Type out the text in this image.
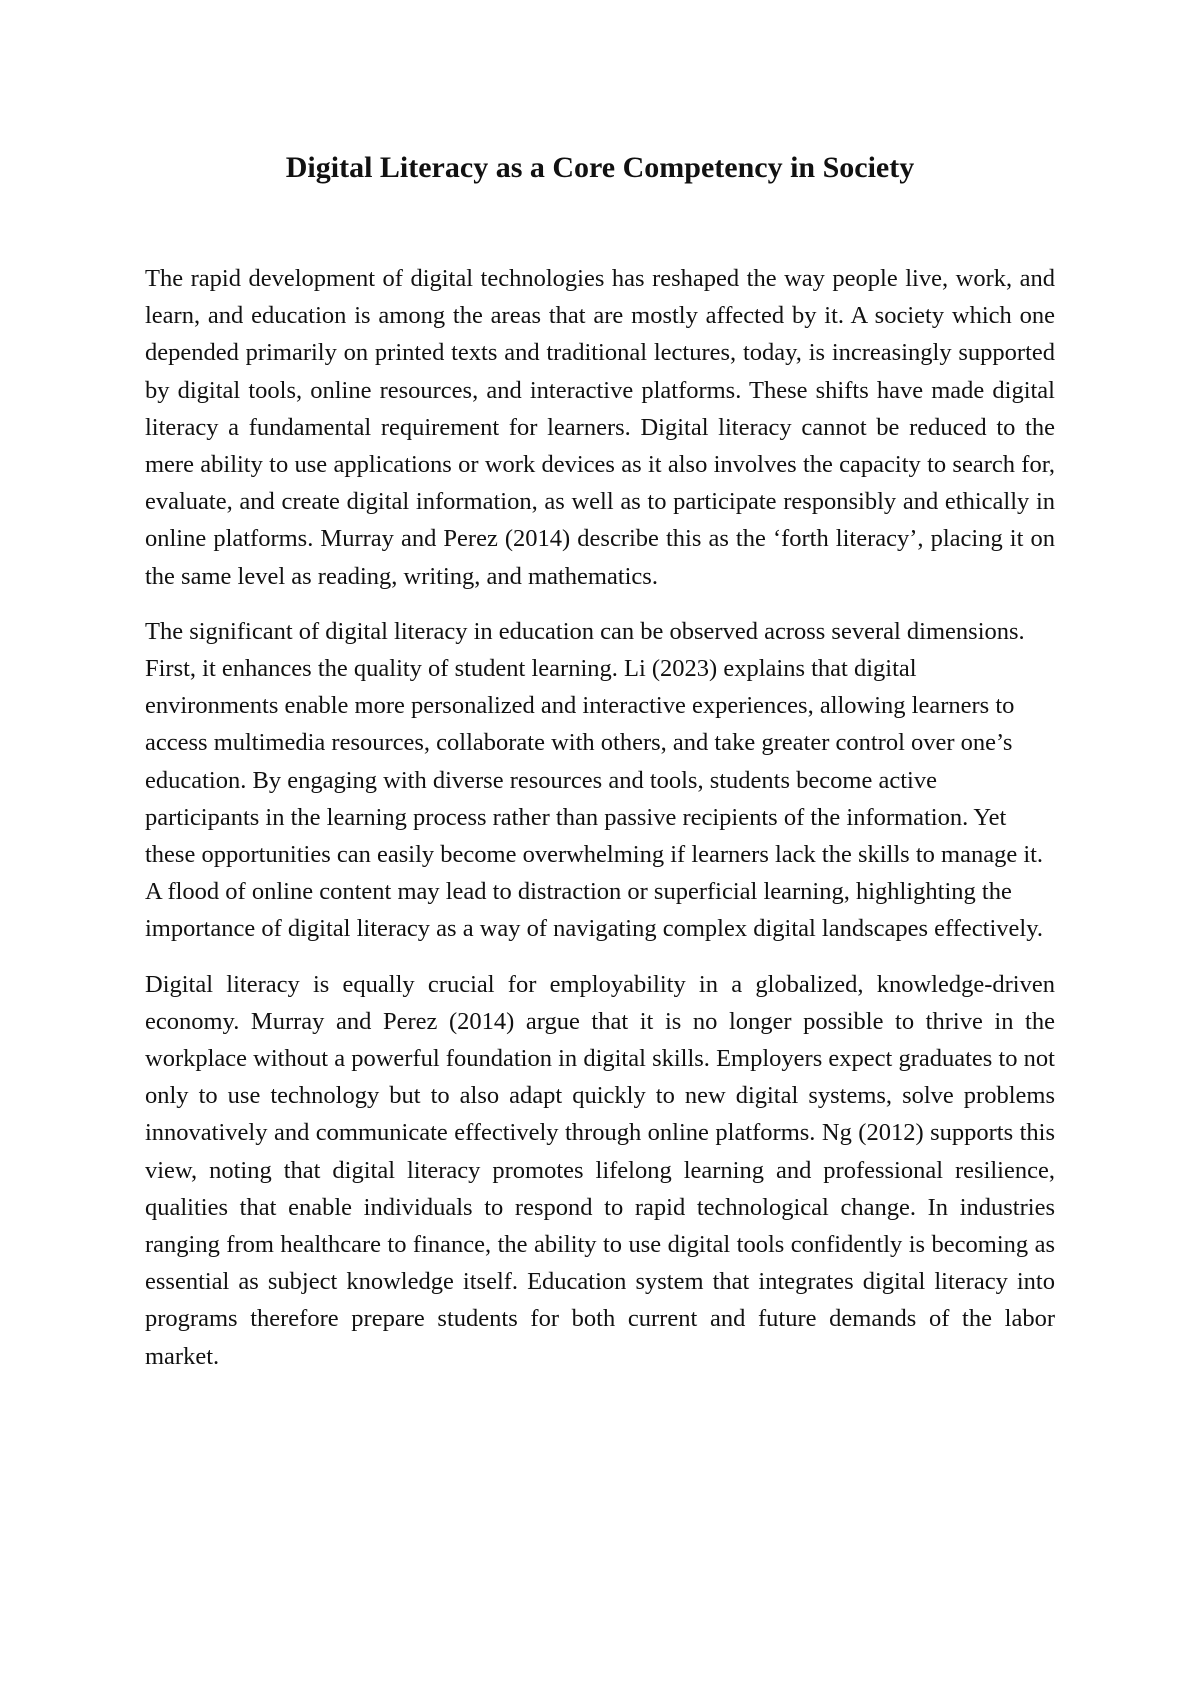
Digital Literacy as a Core Competency in Society

The rapid development of digital technologies has reshaped the way people live, work, and learn, and education is among the areas that are mostly affected by it. A society which one depended primarily on printed texts and traditional lectures, today, is increasingly supported by digital tools, online resources, and interactive platforms. These shifts have made digital literacy a fundamental requirement for learners. Digital literacy cannot be reduced to the mere ability to use applications or work devices as it also involves the capacity to search for, evaluate, and create digital information, as well as to participate responsibly and ethically in online platforms. Murray and Perez (2014) describe this as the ‘forth literacy’, placing it on the same level as reading, writing, and mathematics.

The significant of digital literacy in education can be observed across several dimensions. First, it enhances the quality of student learning. Li (2023) explains that digital environments enable more personalized and interactive experiences, allowing learners to access multimedia resources, collaborate with others, and take greater control over one’s education. By engaging with diverse resources and tools, students become active participants in the learning process rather than passive recipients of the information. Yet these opportunities can easily become overwhelming if learners lack the skills to manage it. A flood of online content may lead to distraction or superficial learning, highlighting the importance of digital literacy as a way of navigating complex digital landscapes effectively.

Digital literacy is equally crucial for employability in a globalized, knowledge-driven economy. Murray and Perez (2014) argue that it is no longer possible to thrive in the workplace without a powerful foundation in digital skills. Employers expect graduates to not only to use technology but to also adapt quickly to new digital systems, solve problems innovatively and communicate effectively through online platforms. Ng (2012) supports this view, noting that digital literacy promotes lifelong learning and professional resilience, qualities that enable individuals to respond to rapid technological change. In industries ranging from healthcare to finance, the ability to use digital tools confidently is becoming as essential as subject knowledge itself. Education system that integrates digital literacy into programs therefore prepare students for both current and future demands of the labor market.
